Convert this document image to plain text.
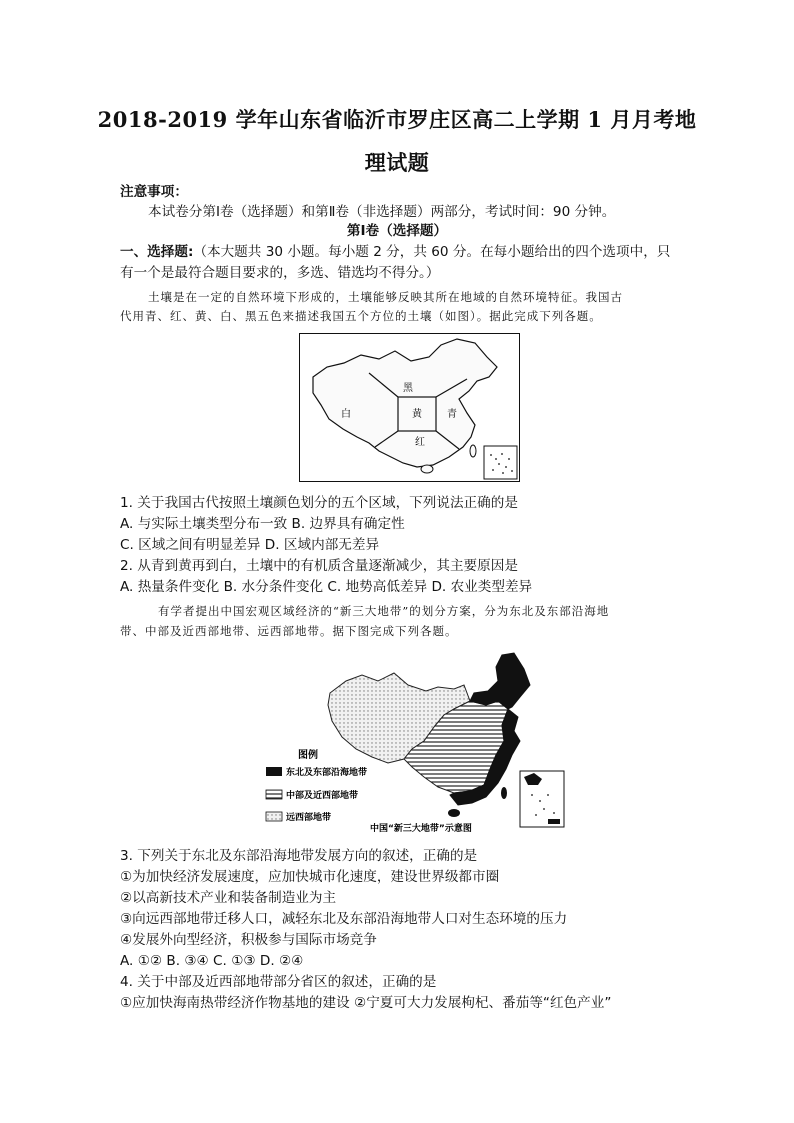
2018-2019 学年山东省临沂市罗庄区高二上学期 1 月月考地
理试题
注意事项：
本试卷分第Ⅰ卷（选择题）和第Ⅱ卷（非选择题）两部分，考试时间：90 分钟。
第Ⅰ卷（选择题）
一、选择题:（本大题共 30 小题。每小题 2 分，共 60 分。在每小题给出的四个选项中，只
有一个是最符合题目要求的，多选、错选均不得分。）
土壤是在一定的自然环境下形成的，土壤能够反映其所在地域的自然环境特征。我国古
代用青、红、黄、白、黑五色来描述我国五个方位的土壤（如图）。据此完成下列各题。
黑
白	黄	青
红
1. 关于我国古代按照土壤颜色划分的五个区域，下列说法正确的是
A. 与实际土壤类型分布一致 B. 边界具有确定性
C. 区域之间有明显差异 D. 区域内部无差异
2. 从青到黄再到白，土壤中的有机质含量逐渐减少，其主要原因是
A. 热量条件变化 B. 水分条件变化 C. 地势高低差异 D. 农业类型差异
有学者提出中国宏观区域经济的“新三大地带”的划分方案，分为东北及东部沿海地
带、中部及近西部地带、远西部地带。据下图完成下列各题。
图例
东北及东部沿海地带
中部及近西部地带
远西部地带
中国“新三大地带”示意图
3. 下列关于东北及东部沿海地带发展方向的叙述，正确的是
①为加快经济发展速度，应加快城市化速度，建设世界级都市圈
②以高新技术产业和装备制造业为主
③向远西部地带迁移人口，减轻东北及东部沿海地带人口对生态环境的压力
④发展外向型经济，积极参与国际市场竞争
A. ①② B. ③④ C. ①③ D. ②④
4. 关于中部及近西部地带部分省区的叙述，正确的是
①应加快海南热带经济作物基地的建设 ②宁夏可大力发展枸杞、番茄等“红色产业”
